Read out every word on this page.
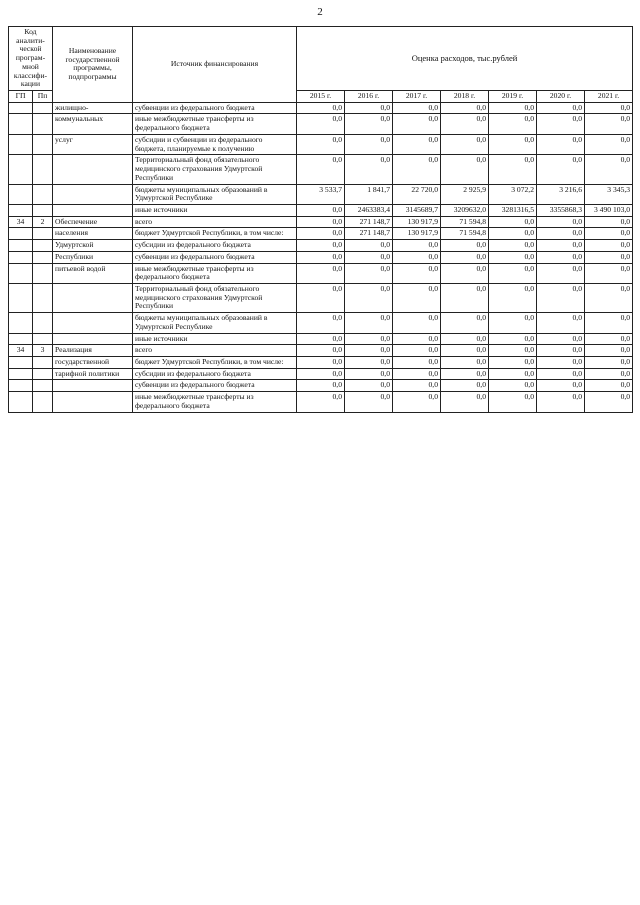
2
Код аналити-ческой програм-мной классифи-кации		Наименование государственной программы, подпрограммы	Источник финансирования	Оценка расходов, тыс.рублей						
ГП	Пп			2015 г.	2016 г.	2017 г.	2018 г.	2019 г.	2020 г.	2021 г.
		жилищно-	субвенции из федерального бюджета	0,0	0,0	0,0	0,0	0,0	0,0	0,0
		коммунальных	иные межбюджетные трансферты из федерального бюджета	0,0	0,0	0,0	0,0	0,0	0,0	0,0
		услуг	субсидии и субвенции из федерального бюджета, планируемые к получению	0,0	0,0	0,0	0,0	0,0	0,0	0,0
			Территориальный фонд обязательного медицинского страхования Удмуртской Республики	0,0	0,0	0,0	0,0	0,0	0,0	0,0
			бюджеты муниципальных образований в Удмуртской Республике	3 533,7	1 841,7	22 720,0	2 925,9	3 072,2	3 216,6	3 345,3
			иные источники	0,0	2463383,4	3145689,7	3209632,0	3281316,5	3355868,3	3 490 103,0
34	2	Обеспечение	всего	0,0	271 148,7	130 917,9	71 594,8	0,0	0,0	0,0
		населения	бюджет Удмуртской Республики, в том числе:	0,0	271 148,7	130 917,9	71 594,8	0,0	0,0	0,0
		Удмуртской	субсидии из федерального бюджета	0,0	0,0	0,0	0,0	0,0	0,0	0,0
		Республики	субвенции из федерального бюджета	0,0	0,0	0,0	0,0	0,0	0,0	0,0
		питьевой водой	иные межбюджетные трансферты из федерального бюджета	0,0	0,0	0,0	0,0	0,0	0,0	0,0
			Территориальный фонд обязательного медицинского страхования Удмуртской Республики	0,0	0,0	0,0	0,0	0,0	0,0	0,0
			бюджеты муниципальных образований в Удмуртской Республике	0,0	0,0	0,0	0,0	0,0	0,0	0,0
			иные источники	0,0	0,0	0,0	0,0	0,0	0,0	0,0
34	3	Реализация	всего	0,0	0,0	0,0	0,0	0,0	0,0	0,0
		государственной	бюджет Удмуртской Республики, в том числе:	0,0	0,0	0,0	0,0	0,0	0,0	0,0
		тарифной политики	субсидии из федерального бюджета	0,0	0,0	0,0	0,0	0,0	0,0	0,0
			субвенции из федерального бюджета	0,0	0,0	0,0	0,0	0,0	0,0	0,0
			иные межбюджетные трансферты из федерального бюджета	0,0	0,0	0,0	0,0	0,0	0,0	0,0
